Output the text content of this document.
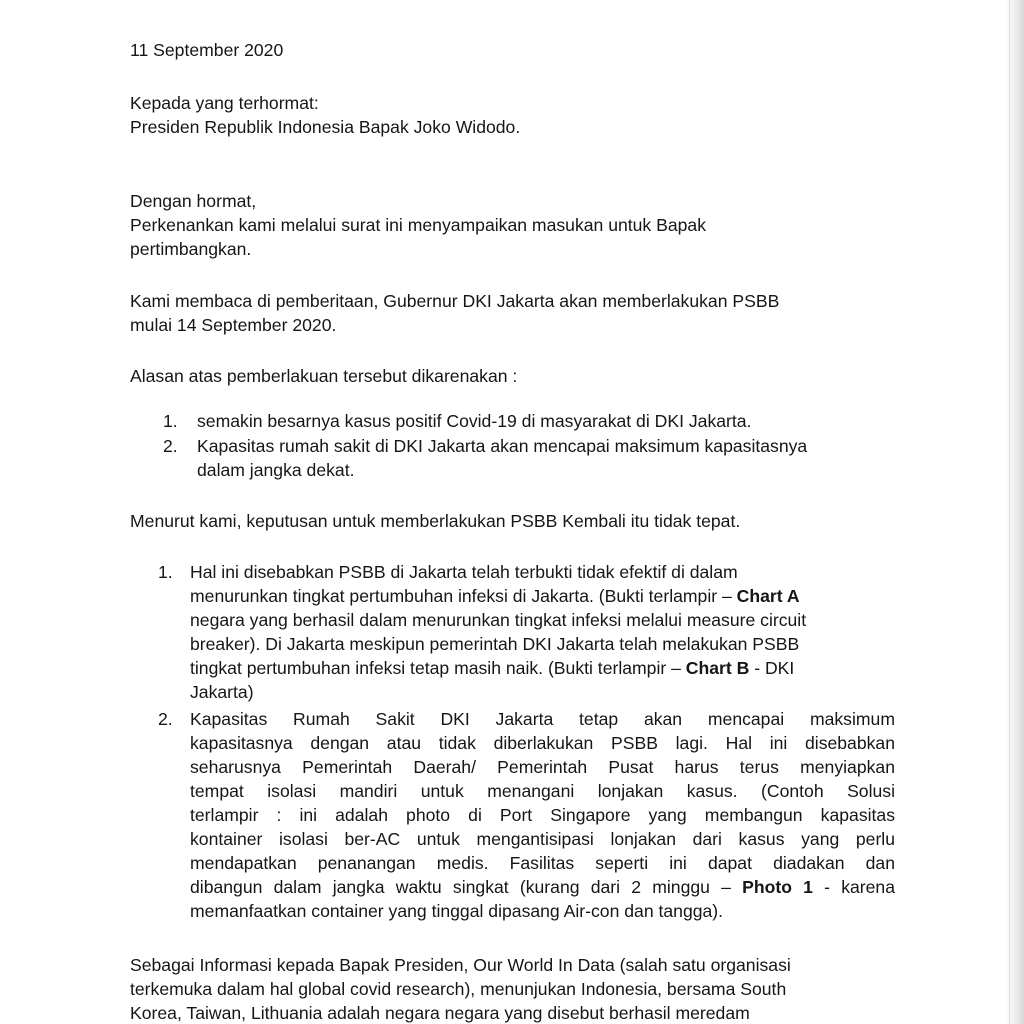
11 September 2020
Kepada yang terhormat:
Presiden Republik Indonesia Bapak Joko Widodo.
Dengan hormat,
Perkenankan kami melalui surat ini menyampaikan masukan untuk Bapak
pertimbangkan.
Kami membaca di pemberitaan, Gubernur DKI Jakarta akan memberlakukan PSBB
mulai 14 September 2020.
Alasan atas pemberlakuan tersebut dikarenakan :
1. semakin besarnya kasus positif Covid-19 di masyarakat di DKI Jakarta.
2. Kapasitas rumah sakit di DKI Jakarta akan mencapai maksimum kapasitasnya
dalam jangka dekat.
Menurut kami, keputusan untuk memberlakukan PSBB Kembali itu tidak tepat.
1. Hal ini disebabkan PSBB di Jakarta telah terbukti tidak efektif di dalam
menurunkan tingkat pertumbuhan infeksi di Jakarta. (Bukti terlampir – Chart A
negara yang berhasil dalam menurunkan tingkat infeksi melalui measure circuit
breaker). Di Jakarta meskipun pemerintah DKI Jakarta telah melakukan PSBB
tingkat pertumbuhan infeksi tetap masih naik. (Bukti terlampir – Chart B - DKI
Jakarta)
2. Kapasitas Rumah Sakit DKI Jakarta tetap akan mencapai maksimum
kapasitasnya dengan atau tidak diberlakukan PSBB lagi. Hal ini disebabkan
seharusnya Pemerintah Daerah/ Pemerintah Pusat harus terus menyiapkan
tempat isolasi mandiri untuk menangani lonjakan kasus. (Contoh Solusi
terlampir : ini adalah photo di Port Singapore yang membangun kapasitas
kontainer isolasi ber-AC untuk mengantisipasi lonjakan dari kasus yang perlu
mendapatkan penanangan medis. Fasilitas seperti ini dapat diadakan dan
dibangun dalam jangka waktu singkat (kurang dari 2 minggu – Photo 1 - karena
memanfaatkan container yang tinggal dipasang Air-con dan tangga).
Sebagai Informasi kepada Bapak Presiden, Our World In Data (salah satu organisasi
terkemuka dalam hal global covid research), menunjukan Indonesia, bersama South
Korea, Taiwan, Lithuania adalah negara negara yang disebut berhasil meredam
